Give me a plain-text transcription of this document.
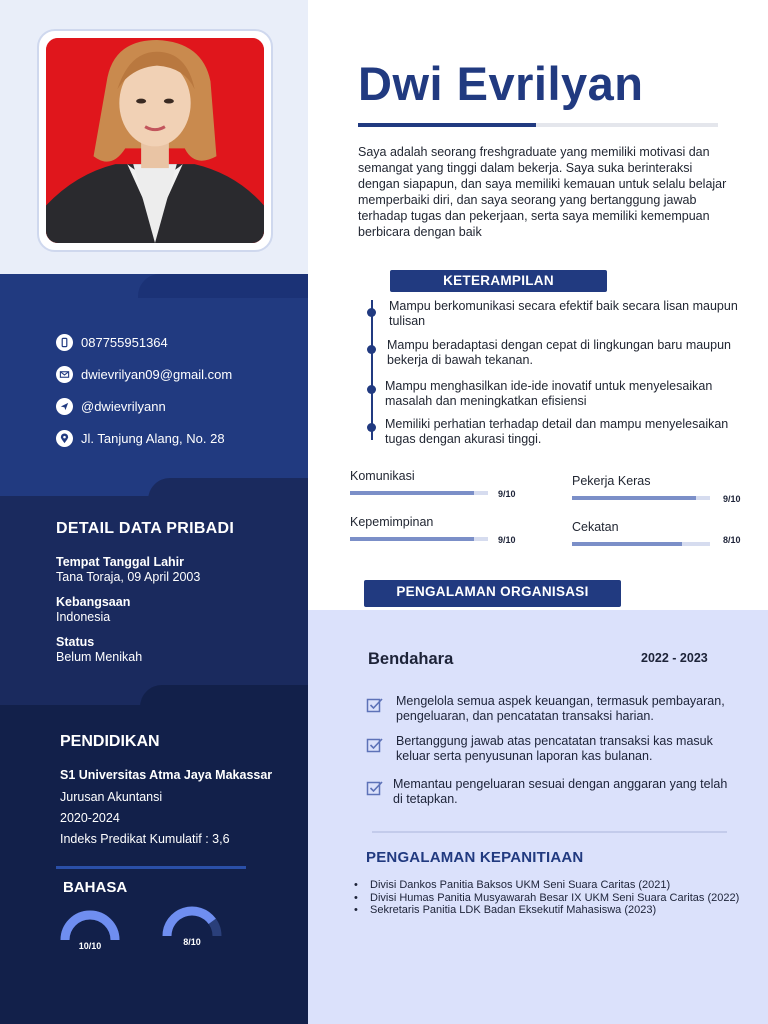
087755951364
dwievrilyan09@gmail.com
@dwievrilyann
Jl. Tanjung Alang, No. 28
DETAIL DATA PRIBADI
Tempat Tanggal Lahir
Tana Toraja, 09 April 2003
Kebangsaan
Indonesia
Status
Belum Menikah
PENDIDIKAN
S1 Universitas Atma Jaya Makassar
Jurusan Akuntansi
2020-2024
Indeks Predikat Kumulatif : 3,6
BAHASA
10/10	8/10
Dwi Evrilyan
Saya adalah seorang freshgraduate yang memiliki motivasi dan semangat yang tinggi dalam bekerja. Saya suka berinteraksi dengan siapapun, dan saya memiliki kemauan untuk selalu belajar memperbaiki diri, dan saya seorang yang bertanggung jawab terhadap tugas dan pekerjaan, serta saya memiliki kemempuan berbicara dengan baik
KETERAMPILAN
Mampu berkomunikasi secara efektif baik secara lisan maupun tulisan
Mampu beradaptasi dengan cepat di lingkungan baru maupun bekerja di bawah tekanan.
Mampu menghasilkan ide-ide inovatif untuk menyelesaikan masalah dan meningkatkan efisiensi
Memiliki perhatian terhadap detail dan mampu menyelesaikan tugas dengan akurasi tinggi.
Komunikasi
9/10
Pekerja Keras
9/10
Kepemimpinan
9/10
Cekatan
8/10
PENGALAMAN ORGANISASI
Bendahara	2022 - 2023
Mengelola semua aspek keuangan, termasuk pembayaran, pengeluaran, dan pencatatan transaksi harian.
Bertanggung jawab atas pencatatan transaksi kas masuk keluar serta penyusunan laporan kas bulanan.
Memantau pengeluaran sesuai dengan anggaran yang telah di tetapkan.
PENGALAMAN KEPANITIAAN
• Divisi Dankos Panitia Baksos UKM Seni Suara Caritas (2021)
• Divisi Humas Panitia Musyawarah Besar IX UKM Seni Suara Caritas (2022)
• Sekretaris Panitia LDK Badan Eksekutif Mahasiswa (2023)
